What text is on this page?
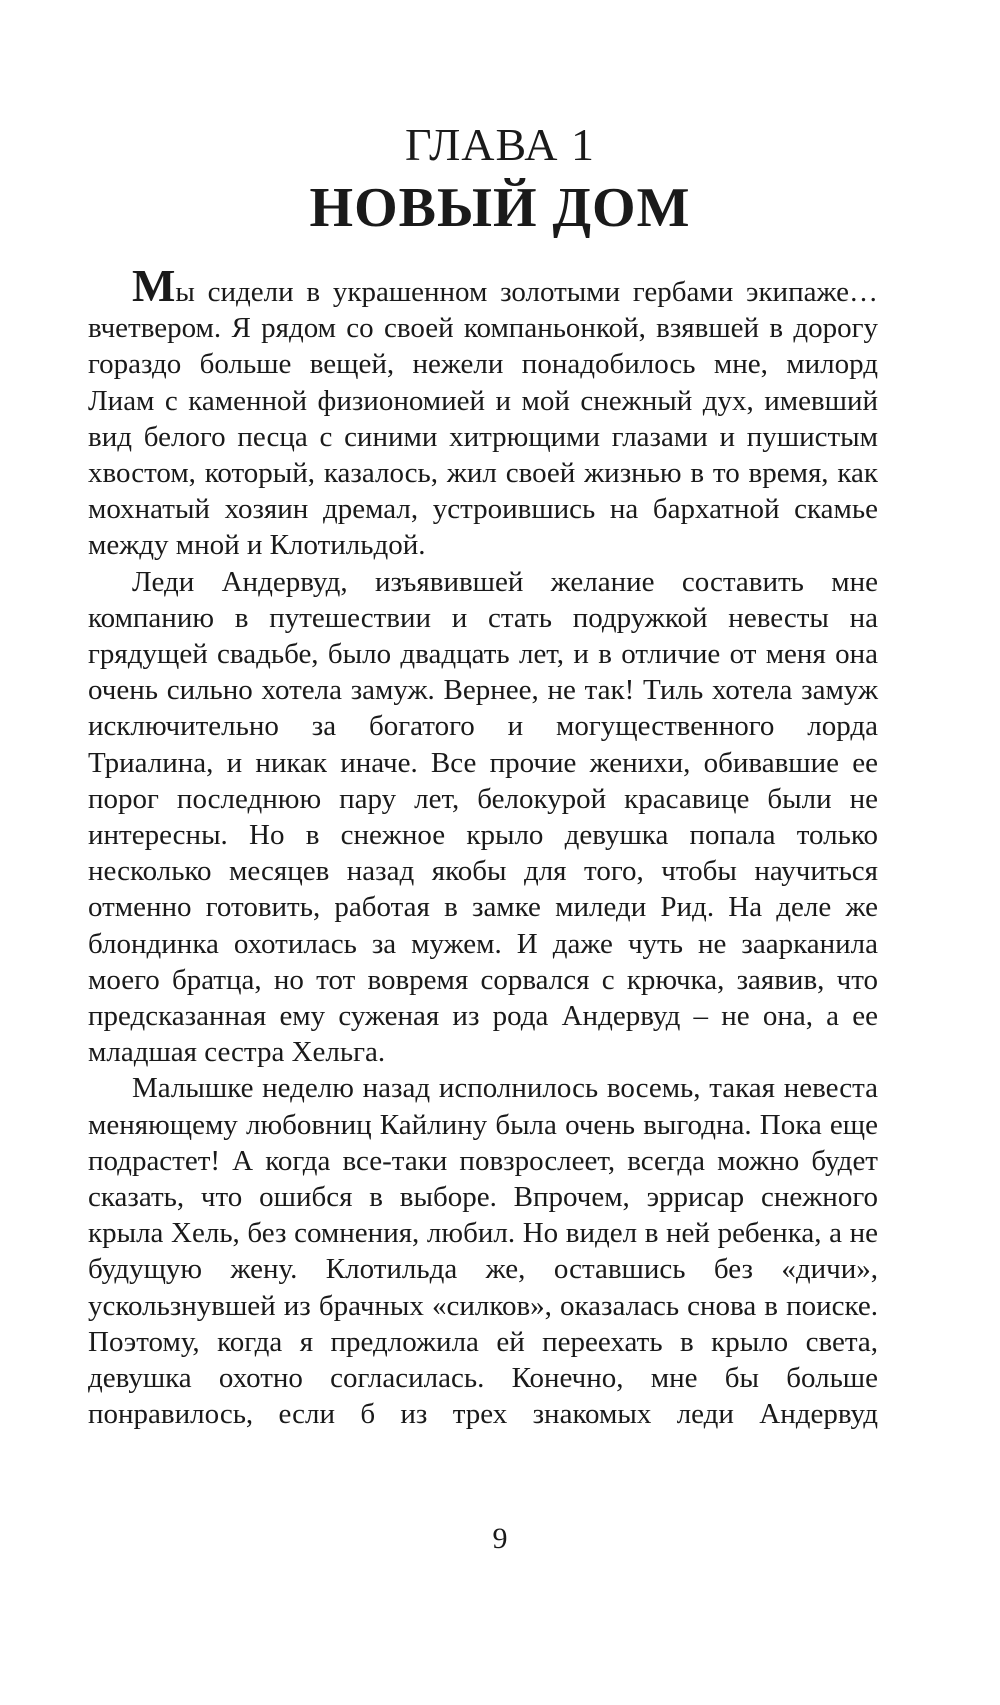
ГЛАВА 1
НОВЫЙ ДОМ

Мы сидели в украшенном золотыми гербами экипаже… вчетвером. Я рядом со своей компаньонкой, взявшей в дорогу гораздо больше вещей, нежели понадобилось мне, милорд Лиам с каменной физиономией и мой снежный дух, имевший вид белого песца с синими хитрющими глазами и пушистым хвостом, который, казалось, жил своей жизнью в то время, как мохнатый хозяин дремал, устроившись на бархатной скамье между мной и Клотильдой.

Леди Андервуд, изъявившей желание составить мне компанию в путешествии и стать подружкой невесты на грядущей свадьбе, было двадцать лет, и в отличие от меня она очень сильно хотела замуж. Вернее, не так! Тиль хотела замуж исключительно за богатого и могущественного лорда Триалина, и никак иначе. Все прочие женихи, обивавшие ее порог последнюю пару лет, белокурой красавице были не интересны. Но в снежное крыло девушка попала только несколько месяцев назад якобы для того, чтобы научиться отменно готовить, работая в замке миледи Рид. На деле же блондинка охотилась за мужем. И даже чуть не заарканила моего братца, но тот вовремя сорвался с крючка, заявив, что предсказанная ему суженая из рода Андервуд – не она, а ее младшая сестра Хельга.

Малышке неделю назад исполнилось восемь, такая невеста меняющему любовниц Кайлину была очень выгодна. Пока еще подрастет! А когда все-таки повзрослеет, всегда можно будет сказать, что ошибся в выборе. Впрочем, эррисар снежного крыла Хель, без сомнения, любил. Но видел в ней ребенка, а не будущую жену. Клотильда же, оставшись без «дичи», ускользнувшей из брачных «силков», оказалась снова в поиске. Поэтому, когда я предложила ей переехать в крыло света, девушка охотно согласилась. Конечно, мне бы больше понравилось, если б из трех знакомых леди Андервуд

9
